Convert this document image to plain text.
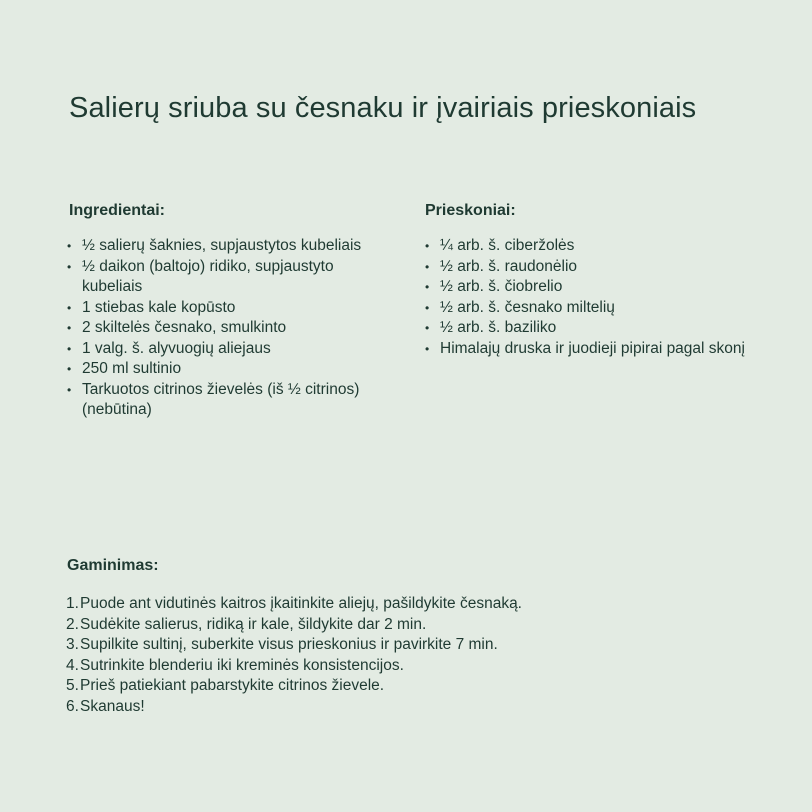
Salierų sriuba su česnaku ir įvairiais prieskoniais
Ingredientai:
• ½ salierų šaknies, supjaustytos kubeliais
• ½ daikon (baltojo) ridiko, supjaustyto kubeliais
• 1 stiebas kale kopūsto
• 2 skiltelės česnako, smulkinto
• 1 valg. š. alyvuogių aliejaus
• 250 ml sultinio
• Tarkuotos citrinos žievelės (iš ½ citrinos) (nebūtina)
Prieskoniai:
• ¼ arb. š. ciberžolės
• ½ arb. š. raudonėlio
• ½ arb. š. čiobrelio
• ½ arb. š. česnako miltelių
• ½ arb. š. baziliko
• Himalajų druska ir juodieji pipirai pagal skonį
Gaminimas:
1. Puode ant vidutinės kaitros įkaitinkite aliejų, pašildykite česnaką.
2. Sudėkite salierus, ridiką ir kale, šildykite dar 2 min.
3. Supilkite sultinį, suberkite visus prieskonius ir pavirkite 7 min.
4. Sutrinkite blenderiu iki kreminės konsistencijos.
5. Prieš patiekiant pabarstykite citrinos žievele.
6. Skanaus!
